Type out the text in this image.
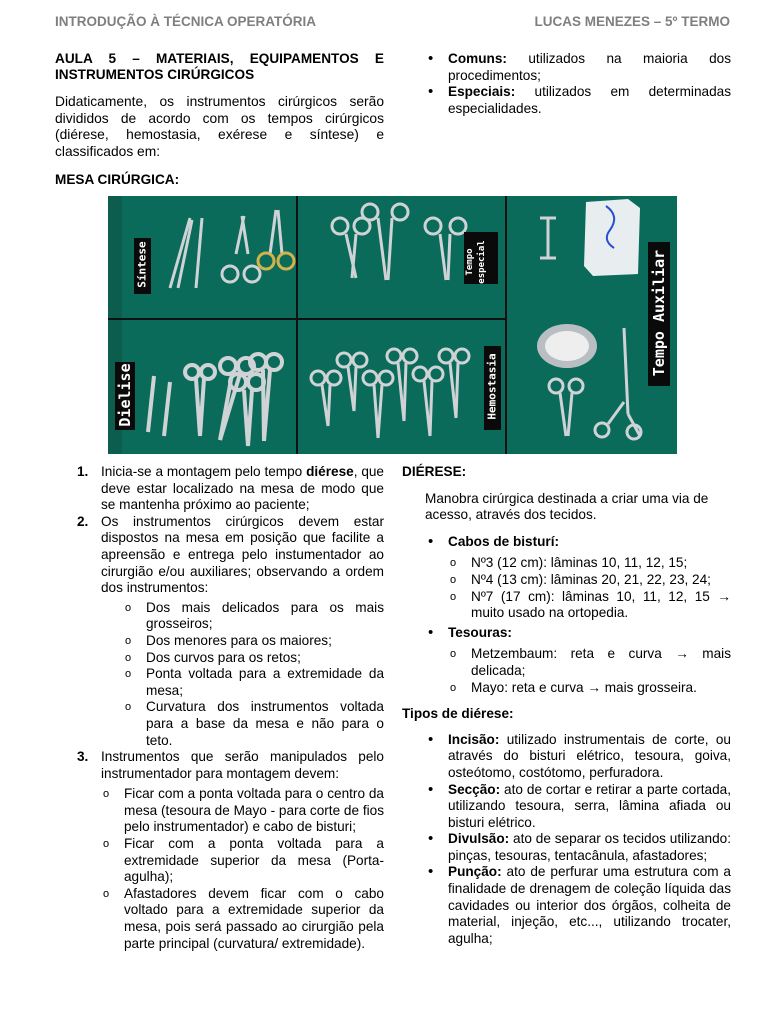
INTRODUÇÃO À TÉCNICA OPERATÓRIA	LUCAS MENEZES – 5º TERMO

AULA 5 – MATERIAIS, EQUIPAMENTOS E INSTRUMENTOS CIRÚRGICOS

Didaticamente, os instrumentos cirúrgicos serão divididos de acordo com os tempos cirúrgicos (diérese, hemostasia, exérese e síntese) e classificados em:

MESA CIRÚRGICA:

• Comuns: utilizados na maioria dos procedimentos;
• Especiais: utilizados em determinadas especialidades.
Síntese	Tempo especial	Tempo Auxiliar
Dielise	Hemostasia
1. Inicia-se a montagem pelo tempo diérese, que deve estar localizado na mesa de modo que se mantenha próximo ao paciente;
2. Os instrumentos cirúrgicos devem estar dispostos na mesa em posição que facilite a apreensão e entrega pelo instumentador ao cirurgião e/ou auxiliares; observando a ordem dos instrumentos:
o Dos mais delicados para os mais grosseiros;
o Dos menores para os maiores;
o Dos curvos para os retos;
o Ponta voltada para a extremidade da mesa;
o Curvatura dos instrumentos voltada para a base da mesa e não para o teto.
3. Instrumentos que serão manipulados pelo instrumentador para montagem devem:
o Ficar com a ponta voltada para o centro da mesa (tesoura de Mayo - para corte de fios pelo instrumentador) e cabo de bisturi;
o Ficar com a ponta voltada para a extremidade superior da mesa (Porta-agulha);
o Afastadores devem ficar com o cabo voltado para a extremidade superior da mesa, pois será passado ao cirurgião pela parte principal (curvatura/ extremidade).

DIÉRESE:

Manobra cirúrgica destinada a criar uma via de acesso, através dos tecidos.

• Cabos de bisturí:
o Nº3 (12 cm): lâminas 10, 11, 12, 15;
o Nº4 (13 cm): lâminas 20, 21, 22, 23, 24;
o Nº7 (17 cm): lâminas 10, 11, 12, 15 → muito usado na ortopedia.
• Tesouras:
o Metzembaum: reta e curva → mais delicada;
o Mayo: reta e curva → mais grosseira.

Tipos de diérese:

• Incisão: utilizado instrumentais de corte, ou através do bisturi elétrico, tesoura, goiva, osteótomo, costótomo, perfuradora.
• Secção: ato de cortar e retirar a parte cortada, utilizando tesoura, serra, lâmina afiada ou bisturi elétrico.
• Divulsão: ato de separar os tecidos utilizando: pinças, tesouras, tentacânula, afastadores;
• Punção: ato de perfurar uma estrutura com a finalidade de drenagem de coleção líquida das cavidades ou interior dos órgãos, colheita de material, injeção, etc..., utilizando trocater, agulha;
